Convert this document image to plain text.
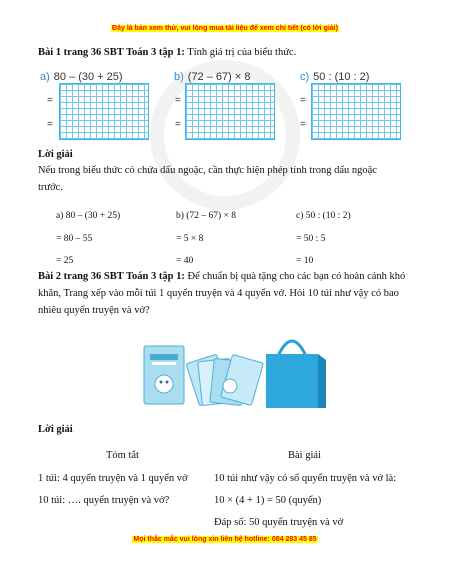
Đây là bản xem thử, vui lòng mua tài liệu để xem chi tiết (có lời giải)
Bài 1 trang 36 SBT Toán 3 tập 1: Tính giá trị của biểu thức.
a) 80 – (30 + 25)	b) (72 – 67) × 8	c) 50 : (10 : 2)
=
=
=
=
=
=
Lời giải
Nếu trong biểu thức có chứa dấu ngoặc, cần thực hiện phép tính trong dấu ngoặc trước.
a) 80 – (30 + 25)
= 80 – 55
= 25
b) (72 – 67) × 8
= 5 × 8
= 40
c) 50 : (10 : 2)
= 50 : 5
= 10
Bài 2 trang 36 SBT Toán 3 tập 1: Để chuẩn bị quà tặng cho các bạn có hoàn cảnh khó khăn, Trang xếp vào mỗi túi 1 quyển truyện và 4 quyển vở. Hỏi 10 túi như vậy có bao nhiêu quyển truyện và vở?
Lời giải
Tóm tắt	Bài giải
1 túi: 4 quyển truyện và 1 quyển vở
10 túi: …. quyển truyện và vở?
10 túi như vậy có số quyển truyện và vở là:
10 × (4 + 1) = 50 (quyển)
Đáp số: 50 quyển truyện và vở
Mọi thắc mắc vui lòng xin liên hệ hotline: 084 283 45 85
